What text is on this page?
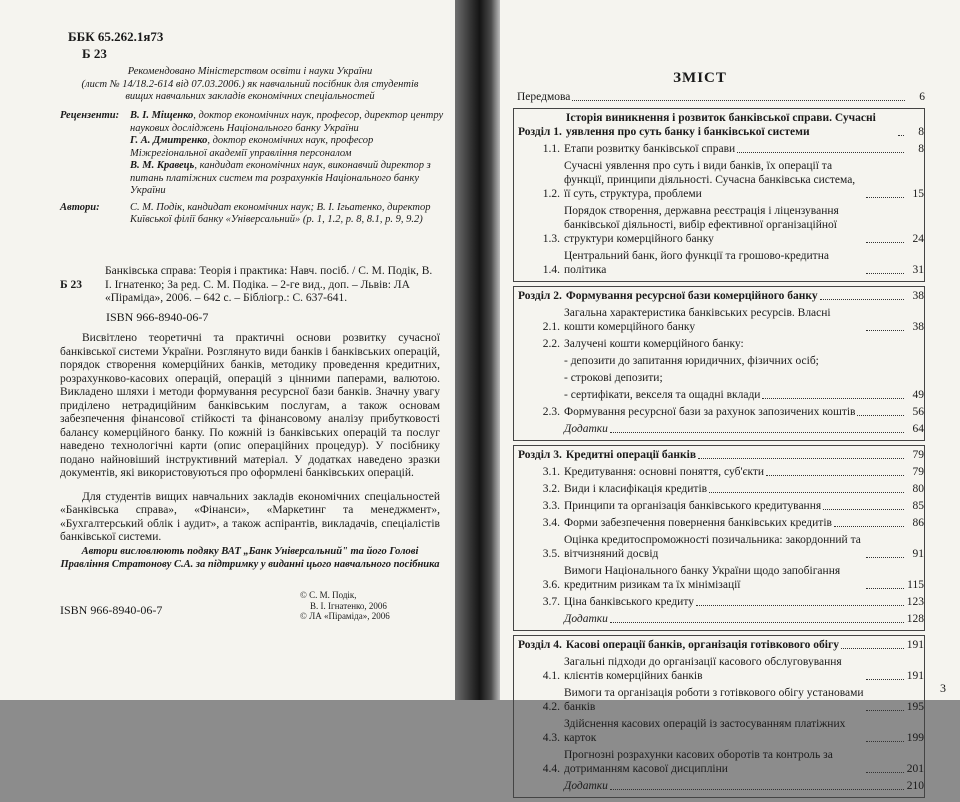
ББК 65.262.1я73
Б 23
Рекомендовано Міністерством освіти і науки України
(лист № 14/18.2-614 від 07.03.2006.) як навчальний посібник для студентів
вищих навчальних закладів економічних спеціальностей
Рецензенти:	В. І. Міщенко, доктор економічних наук, професор, директор центру наукових досліджень Національного банку України
Г. А. Дмитренко, доктор економічних наук, професор Міжрегіональної академії управління персоналом
В. М. Кравець, кандидат економічних наук, виконавчий директор з питань платіжних систем та розрахунків Національного банку України
Автори:	С. М. Подік, кандидат економічних наук; В. І. Ігьатенко, директор Київської філії банку «Універсальний» (р. 1, 1.2, р. 8, 8.1, р. 9, 9.2)
Б 23
Банківська справа: Теорія і практика: Навч. посіб. / С. М. Подік, В. І. Ігнатенко; За ред. С. М. Подіка. – 2-ге вид., доп. – Львів: ЛА «Піраміда», 2006. – 642 с. – Бібліогр.: С. 637-641.
ISBN 966-8940-06-7

Висвітлено теоретичні та практичні основи розвитку сучасної банківської системи України. Розглянуто види банків і банківських операцій, порядок створення комерційних банків, методику проведення кредитних, розрахунково-касових операцій, операцій з цінними паперами, валютою. Викладено шляхи і методи формування ресурсної бази банків. Значну увагу приділено нетрадиційним банківським послугам, а також основам забезпечення фінансової стійкості та фінансовому аналізу прибутковості балансу комерційного банку. По кожній із банківських операцій та послуг наведено технологічні карти (опис операційних процедур). У посібнику подано найновіший інструктивний матеріал. У додатках наведено зразки документів, які використовуються про оформлені банківських операцій.

Для студентів вищих навчальних закладів економічних спеціальностей «Банківська справа», «Фінанси», «Маркетинг та менеджмент», «Бухгалтерський облік і аудит», а також аспірантів, викладачів, спеціалістів банківської системи.

Автори висловлюють подяку ВАТ „Банк Універсальний" та його Голові Правління Стратонову С.А. за підтримку у виданні цього навчального посібника
ISBN 966-8940-06-7
© С. М. Подік,
В. І. Ігнатенко, 2006
© ЛА «Піраміда», 2006
ЗМІСТ
Передмова	6
Розділ 1.
Історія виникнення і розвиток банківської справи. Сучасні уявлення про суть банку і банківської системи	8
1.1. Етапи розвитку банківської справи	8
1.2.
Сучасні уявлення про суть і види банків, їх операції та функції, принципи діяльності. Сучасна банківська система, її суть, структура, проблеми	15
1.3.
Порядок створення, державна реєстрація і ліцензування банківської діяльності, вибір ефективної організаційної структури комерційного банку	24
1.4.
Центральний банк, його функції та грошово-кредитна політика	31
Розділ 2. Формування ресурсної бази комерційного банку	38
2.1.
Загальна характеристика банківських ресурсів. Власні кошти комерційного банку	38
2.2. Залучені кошти комерційного банку:
- депозити до запитання юридичних, фізичних осіб;
- строкові депозити;
- сертифікати, векселя та ощадні вклади	49
2.3. Формування ресурсної бази за рахунок запозичених коштів	56
Додатки	64
Розділ 3. Кредитні операції банків	79
3.1. Кредитування: основні поняття, суб'єкти	79
3.2. Види і класифікація кредитів	80
3.3. Принципи та організація банківського кредитування	85
3.4. Форми забезпечення повернення банківських кредитів	86
3.5.
Оцінка кредитоспроможності позичальника: закордонний та вітчизняний досвід	91
3.6.
Вимоги Національного банку України щодо запобігання кредитним ризикам та їх мінімізації	115
3.7. Ціна банківського кредиту	123
Додатки	128
Розділ 4. Касові операції банків, організація готівкового обігу	191
4.1.
Загальні підходи до організації касового обслуговування клієнтів комерційних банків	191
4.2.
Вимоги та організація роботи з готівкового обігу установами банків	195
4.3.
Здійснення касових операцій із застосуванням платіжних карток	199
4.4.
Прогнозні розрахунки касових оборотів та контроль за дотриманням касової дисципліни	201
Додатки	210
3
